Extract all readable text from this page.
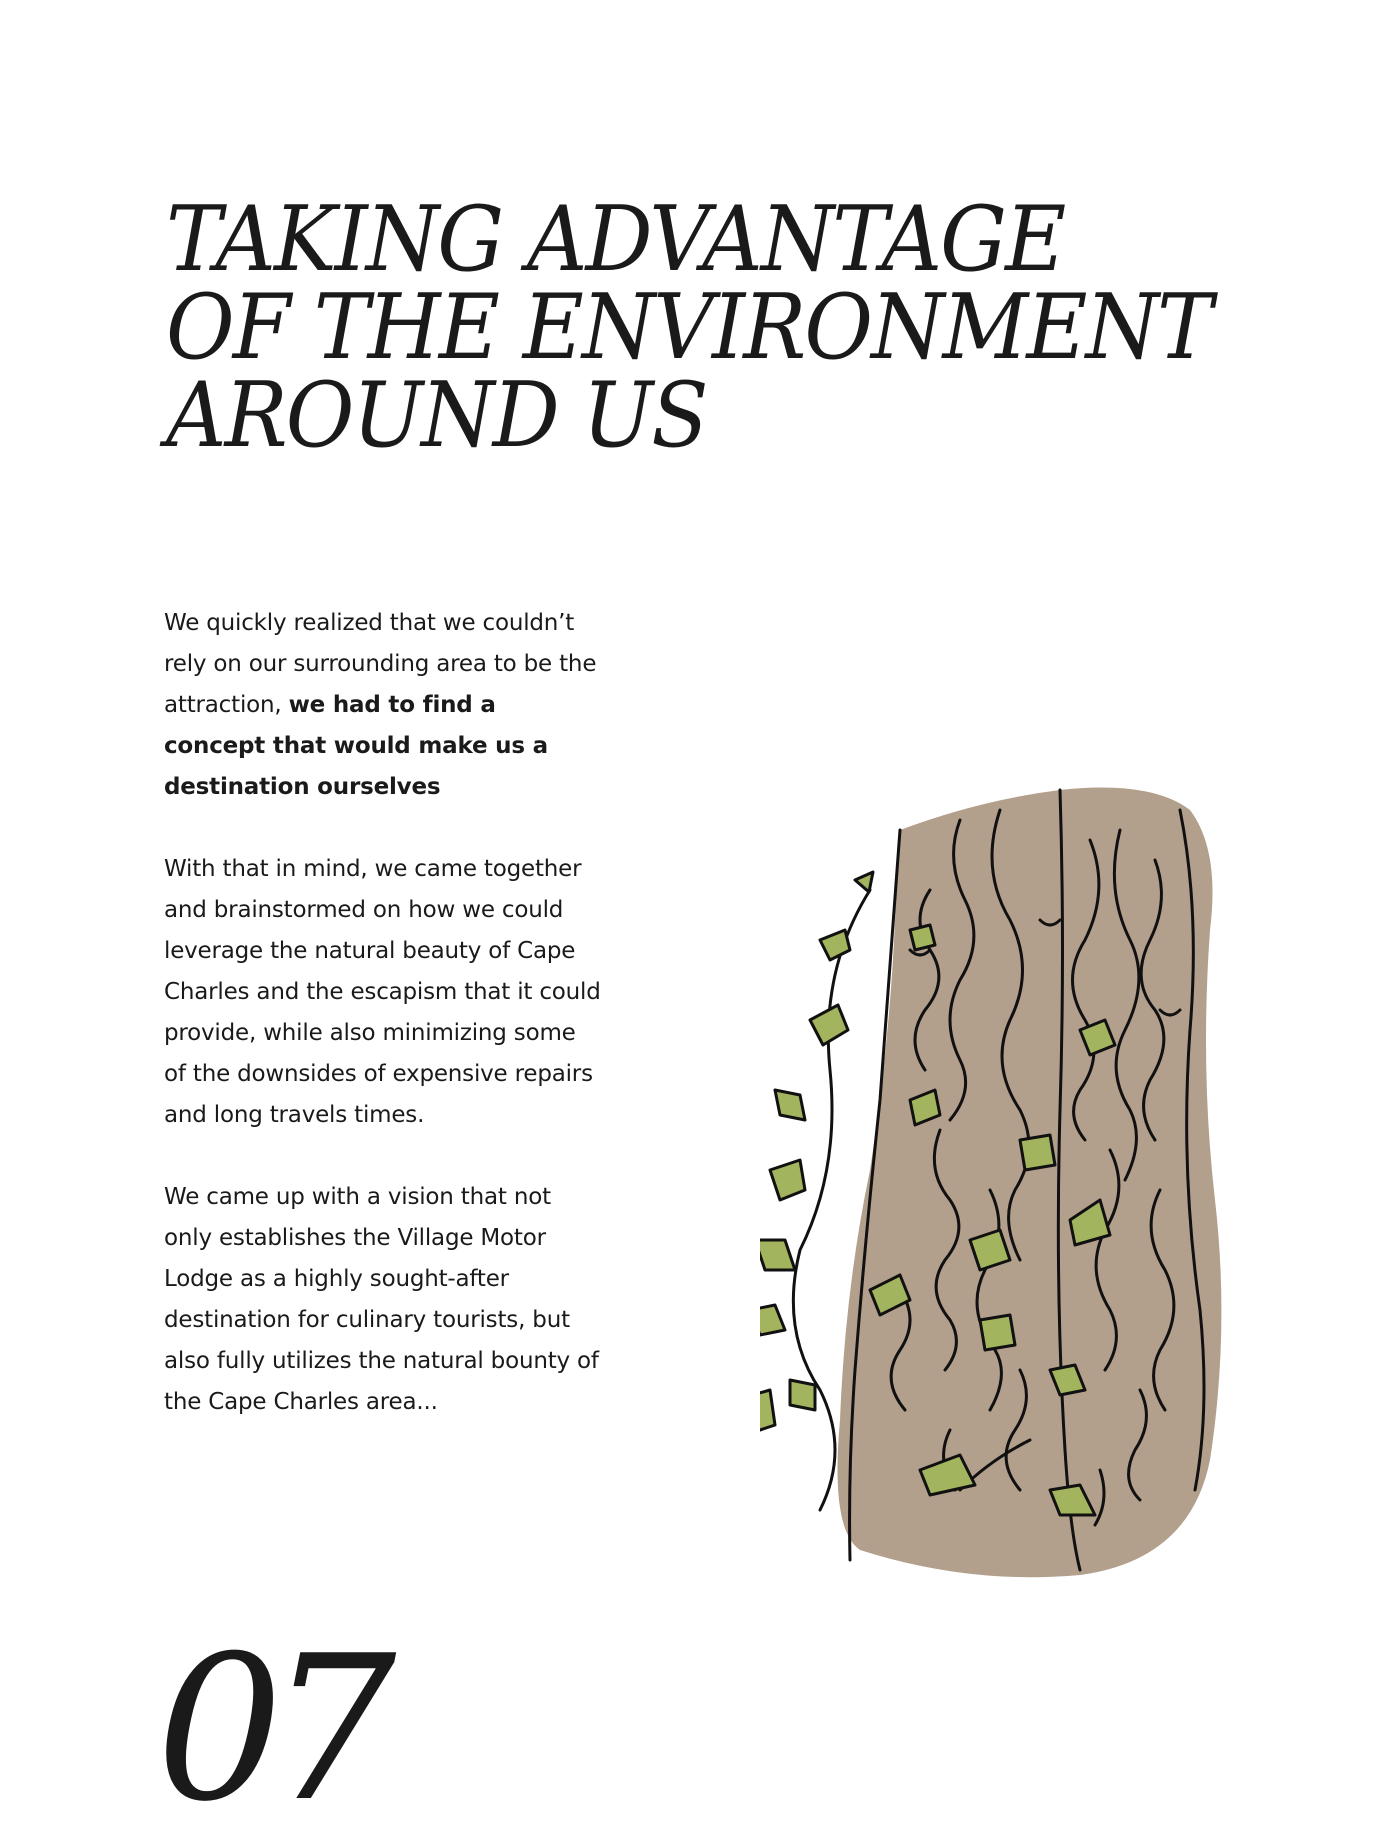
TAKING ADVANTAGE
OF THE ENVIRONMENT
AROUND US

We quickly realized that we couldn’t rely on our surrounding area to be the attraction, we had to find a concept that would make us a destination ourselves

With that in mind, we came together and brainstormed on how we could leverage the natural beauty of Cape Charles and the escapism that it could provide, while also minimizing some of the downsides of expensive repairs and long travels times.

We came up with a vision that not only establishes the Village Motor Lodge as a highly sought-after destination for culinary tourists, but also fully utilizes the natural bounty of the Cape Charles area...

07
